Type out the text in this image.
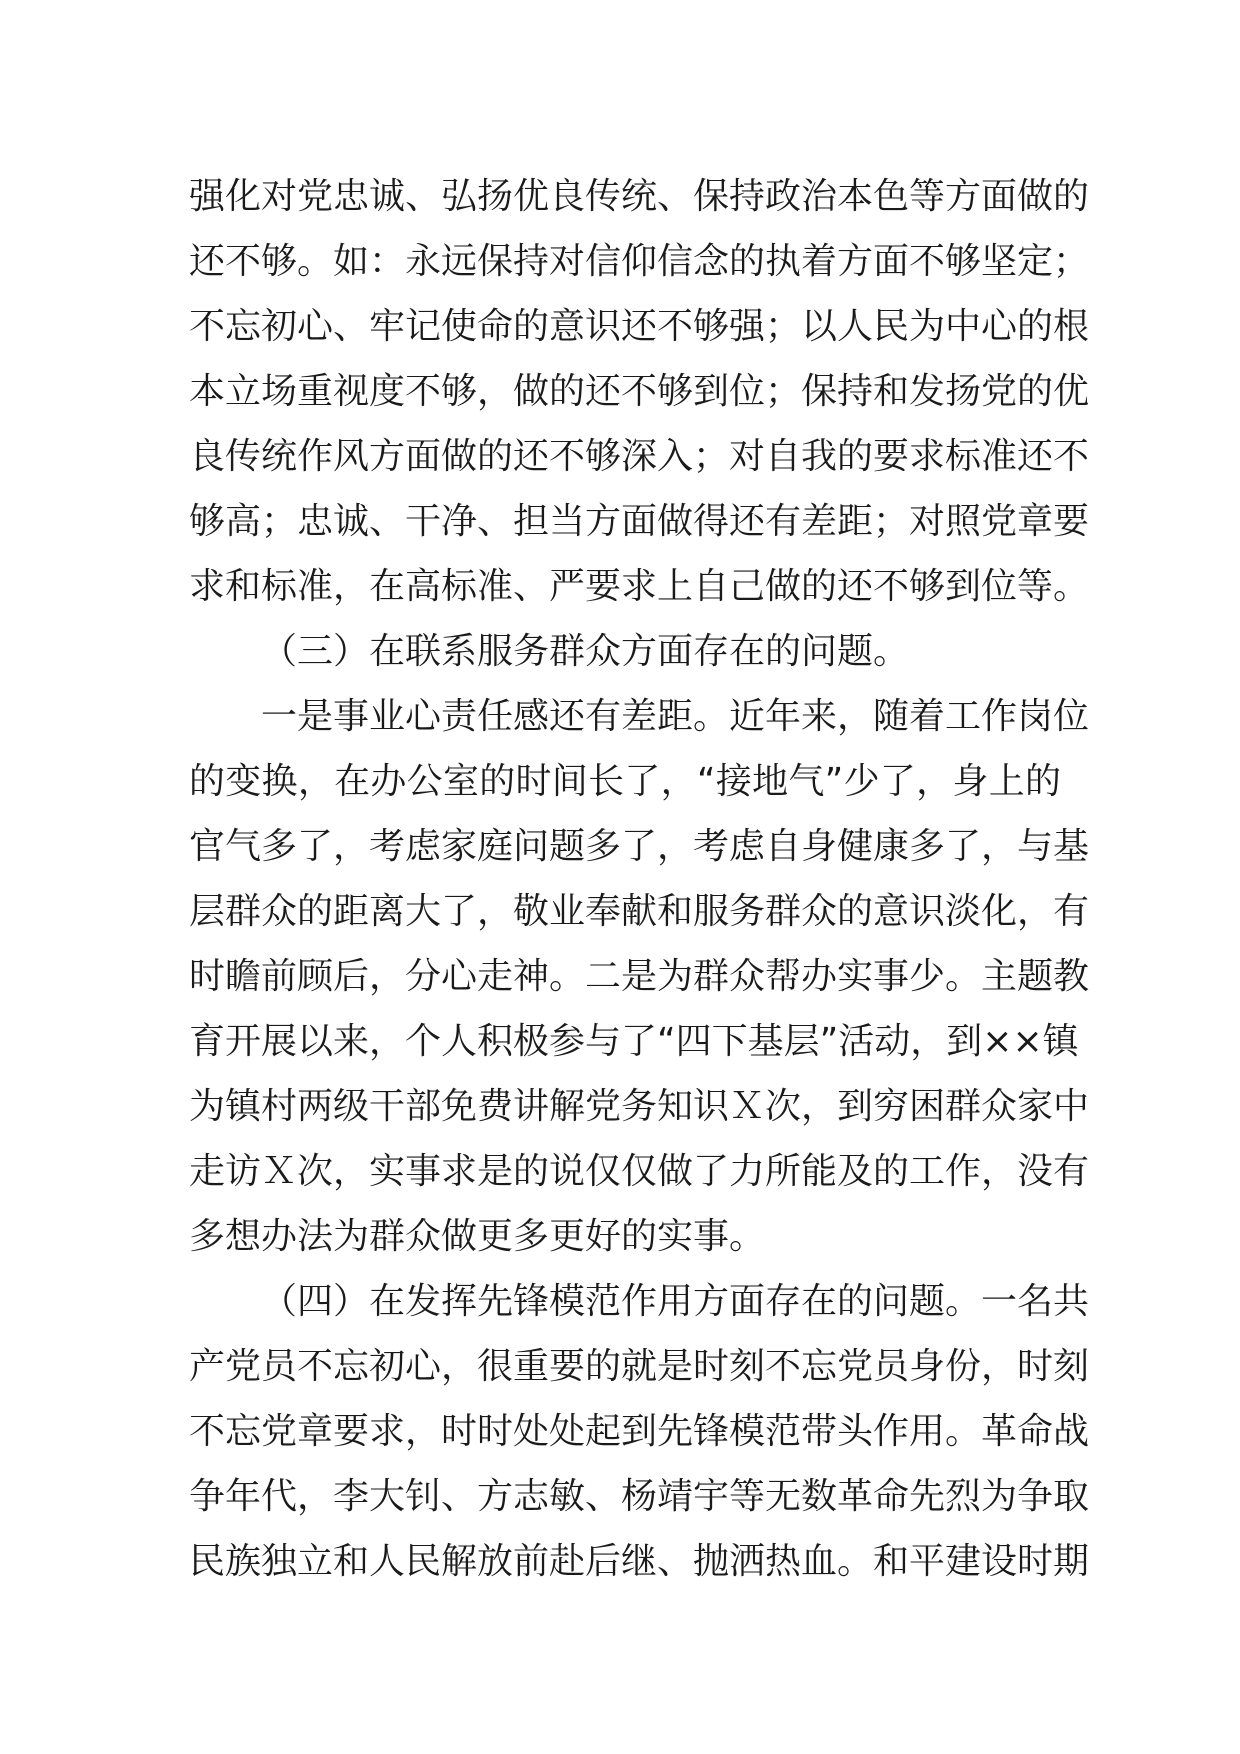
强化对党忠诚、弘扬优良传统、保持政治本色等方面做的
还不够。如：永远保持对信仰信念的执着方面不够坚定；
不忘初心、牢记使命的意识还不够强；以人民为中心的根
本立场重视度不够，做的还不够到位；保持和发扬党的优
良传统作风方面做的还不够深入；对自我的要求标准还不
够高；忠诚、干净、担当方面做得还有差距；对照党章要
求和标准，在高标准、严要求上自己做的还不够到位等。
（三）在联系服务群众方面存在的问题。
一是事业心责任感还有差距。近年来，随着工作岗位
的变换，在办公室的时间长了，“接地气”少了，身上的
官气多了，考虑家庭问题多了，考虑自身健康多了，与基
层群众的距离大了，敬业奉献和服务群众的意识淡化，有
时瞻前顾后，分心走神。二是为群众帮办实事少。主题教
育开展以来，个人积极参与了“四下基层”活动，到××镇
为镇村两级干部免费讲解党务知识Ｘ次，到穷困群众家中
走访Ｘ次，实事求是的说仅仅做了力所能及的工作，没有
多想办法为群众做更多更好的实事。
（四）在发挥先锋模范作用方面存在的问题。一名共
产党员不忘初心，很重要的就是时刻不忘党员身份，时刻
不忘党章要求，时时处处起到先锋模范带头作用。革命战
争年代，李大钊、方志敏、杨靖宇等无数革命先烈为争取
民族独立和人民解放前赴后继、抛洒热血。和平建设时期
